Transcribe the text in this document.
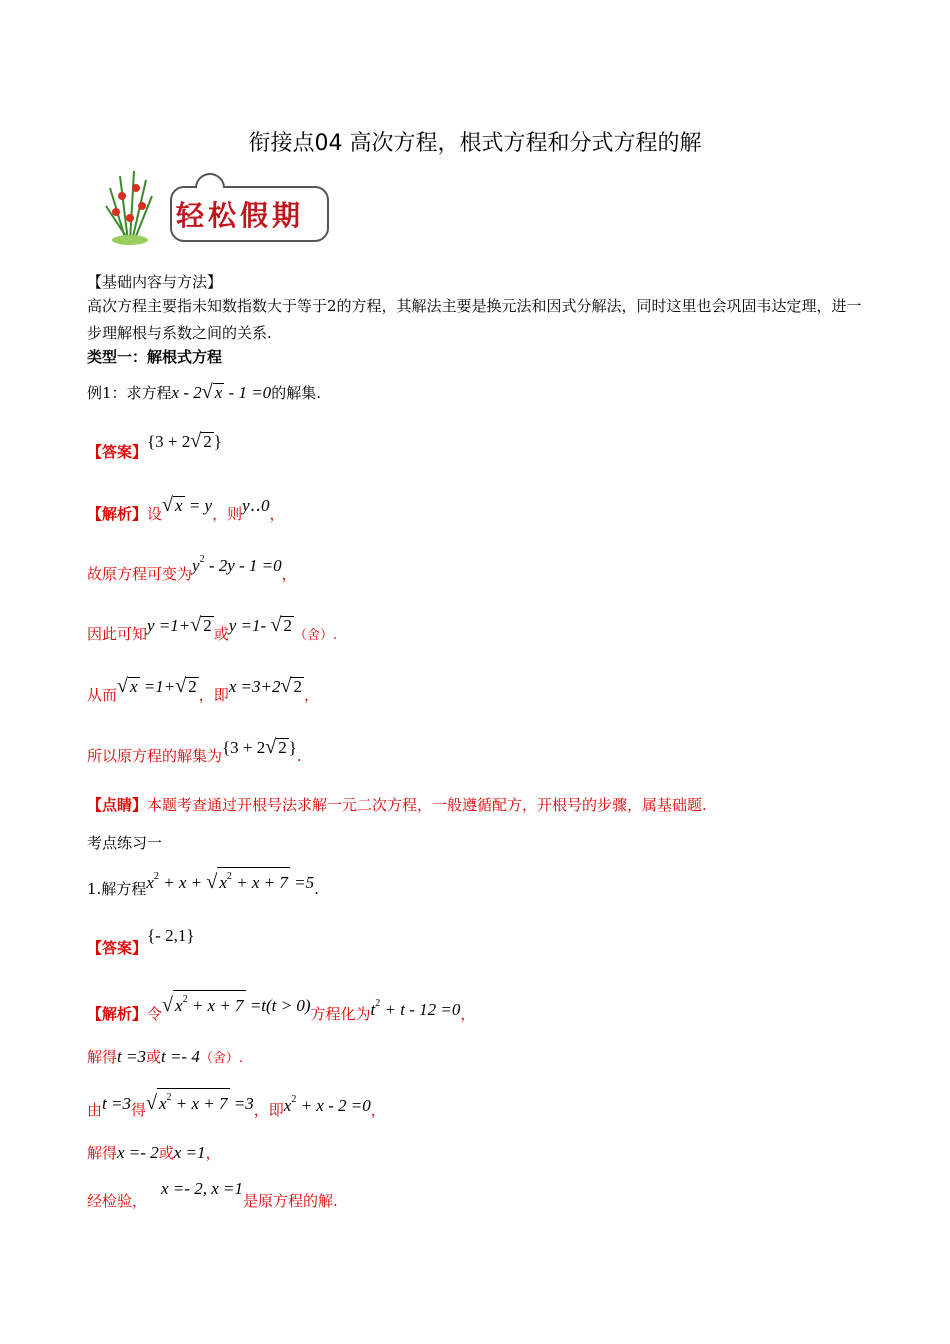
衔接点04 高次方程，根式方程和分式方程的解
轻松假期
【基础内容与方法】
高次方程主要指未知数指数大于等于2的方程，其解法主要是换元法和因式分解法，同时这里也会巩固韦达定理，进一步理解根与系数之间的关系.
类型一：解根式方程
例1：求方程x - 2√ x - 1 =0的解集.
【答案】{3 + 2√ 2 }
【解析】设√ x = y，则y‥0，
故原方程可变为$y^2 - 2y - 1 =0$，
因此可知y =1+√ 2 或y =1- √ 2（舍）.
从而√ x =1+√ 2 ，即x =3+2√ 2 ，
所以原方程的解集为{3 + 2√ 2 }.
【点睛】本题考查通过开根号法求解一元二次方程，一般遵循配方，开根号的步骤，属基础题.
考点练习一
1.解方程$x^2 + x$ + √ $x^2 + x + 7 =5$.
【答案】{- 2,1}
【解析】令√ $x^2 + x + 7 =t(t > 0)$方程化为$t^2 + t - 12 =0$，
解得t =3或t =- 4（舍）.
由t =3得√ $x^2 + x + 7 =3$，即$x^2 + x - 2 =0$，
解得x =- 2或x =1，
经检验，x =- 2, x =1是原方程的解.
